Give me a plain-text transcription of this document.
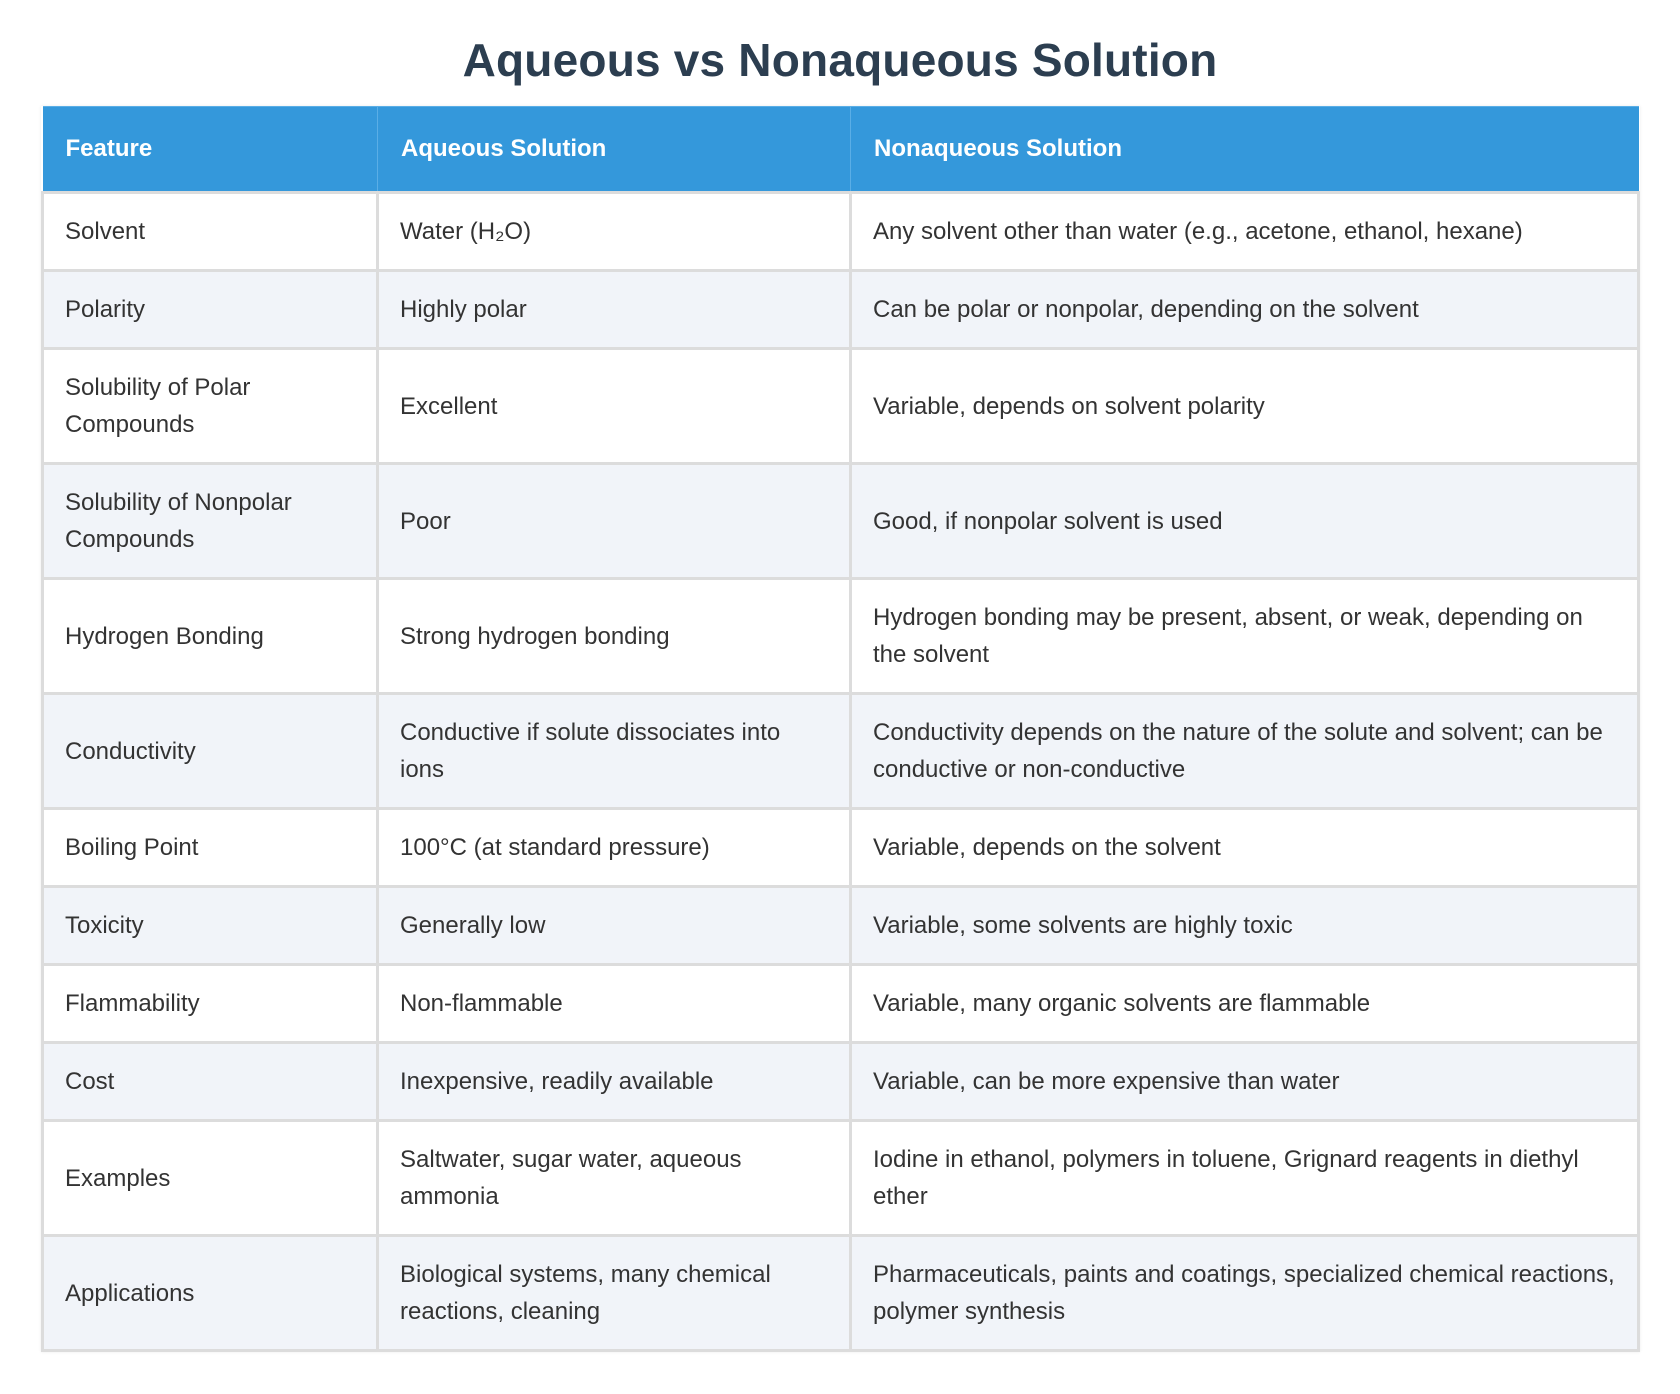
Aqueous vs Nonaqueous Solution
Feature	Aqueous Solution	Nonaqueous Solution
Solvent	Water (H₂O)	Any solvent other than water (e.g., acetone, ethanol, hexane)
Polarity	Highly polar	Can be polar or nonpolar, depending on the solvent
Solubility of Polar Compounds	Excellent	Variable, depends on solvent polarity
Solubility of Nonpolar Compounds	Poor	Good, if nonpolar solvent is used
Hydrogen Bonding	Strong hydrogen bonding	Hydrogen bonding may be present, absent, or weak, depending on the solvent
Conductivity	Conductive if solute dissociates into ions	Conductivity depends on the nature of the solute and solvent; can be conductive or non-conductive
Boiling Point	100°C (at standard pressure)	Variable, depends on the solvent
Toxicity	Generally low	Variable, some solvents are highly toxic
Flammability	Non-flammable	Variable, many organic solvents are flammable
Cost	Inexpensive, readily available	Variable, can be more expensive than water
Examples	Saltwater, sugar water, aqueous ammonia	Iodine in ethanol, polymers in toluene, Grignard reagents in diethyl ether
Applications	Biological systems, many chemical reactions, cleaning	Pharmaceuticals, paints and coatings, specialized chemical reactions, polymer synthesis
